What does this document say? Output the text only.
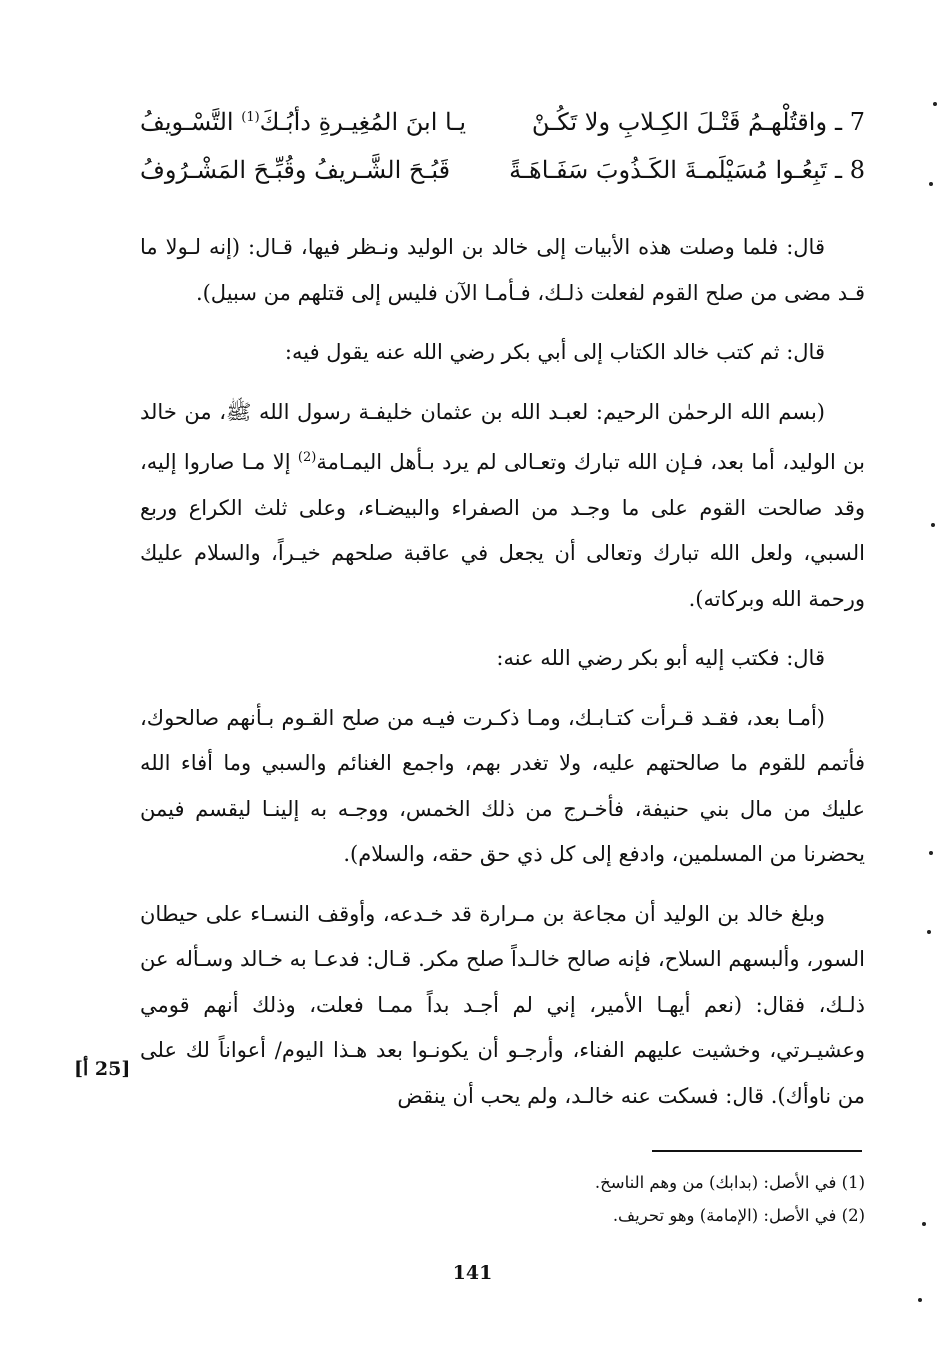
7 ـ
واقتُلْهـمُ قَتْـلَ الكِـلابِ ولا تَكُـنْ
يـا ابنَ المُغِيـرةِ دأبُـكَ$^{(1)}$ التَّسْـويفُ
8 ـ
تَبِعُـوا مُسَيْلَمـةَ الكَـذُوبَ سَفَـاهَـةً
قَبُـحَ الشَّـريفُ وقُبِّـحَ المَشْـرُوفُ

قال: فلما وصلت هذه الأبيات إلى خالد بن الوليد ونـظر فيها، قـال: (إنه لـولا ما قـد مضى من صلح القوم لفعلت ذلـك، فـأمـا الآن فليس إلى قتلهم من سبيل).

قال: ثم كتب خالد الكتاب إلى أبي بكر رضي الله عنه يقول فيه:

(بسم الله الرحمٰن الرحيم: لعبـد الله بن عثمان خليفـة رسول الله ﷺ، من خالد بن الوليد، أما بعد، فـإن الله تبارك وتعـالى لم يرد بـأهل اليمـامة$^{(2)}$ إلا مـا صاروا إليه، وقد صالحت القوم على ما وجـد من الصفراء والبيضـاء، وعلى ثلث الكراع وربع السبي، ولعل الله تبارك وتعالى أن يجعل في عاقبة صلحهم خيـراً، والسلام عليك ورحمة الله وبركاته).

قال: فكتب إليه أبو بكر رضي الله عنه:

(أمـا بعد، فقـد قـرأت كتـابـك، ومـا ذكـرت فيـه من صلح القـوم بـأنهم صالحوك، فأتمم للقوم ما صالحتهم عليه، ولا تغدر بهم، واجمع الغنائم والسبي وما أفاء الله عليك من مال بني حنيفة، فأخـرج من ذلك الخمس، ووجـه به إلينـا ليقسم فيمن يحضرنا من المسلمين، وادفع إلى كل ذي حق حقه، والسلام).

وبلغ خالد بن الوليد أن مجاعة بن مـرارة قد خـدعه، وأوقف النسـاء على حيطان السور، وألبسهم السلاح، فإنه صالح خالـداً صلح مكر. قـال: فدعـا به خـالد وسـأله عن ذلـك، فقال: (نعم أيهـا الأمير، إني لم أجـد بداً ممـا فعلت، وذلك أنهم قومي وعشيـرتي، وخشيت عليهم الفناء، وأرجـو أن يكونـوا بعد هـذا اليوم/ أعواناً لك على من ناوأك). قال: فسكت عنه خالـد، ولم يحب أن ينقض

[25 أ]
(1) في الأصل: (بدابك) من وهم الناسخ.
(2) في الأصل: (الإمامة) وهو تحريف.
141
